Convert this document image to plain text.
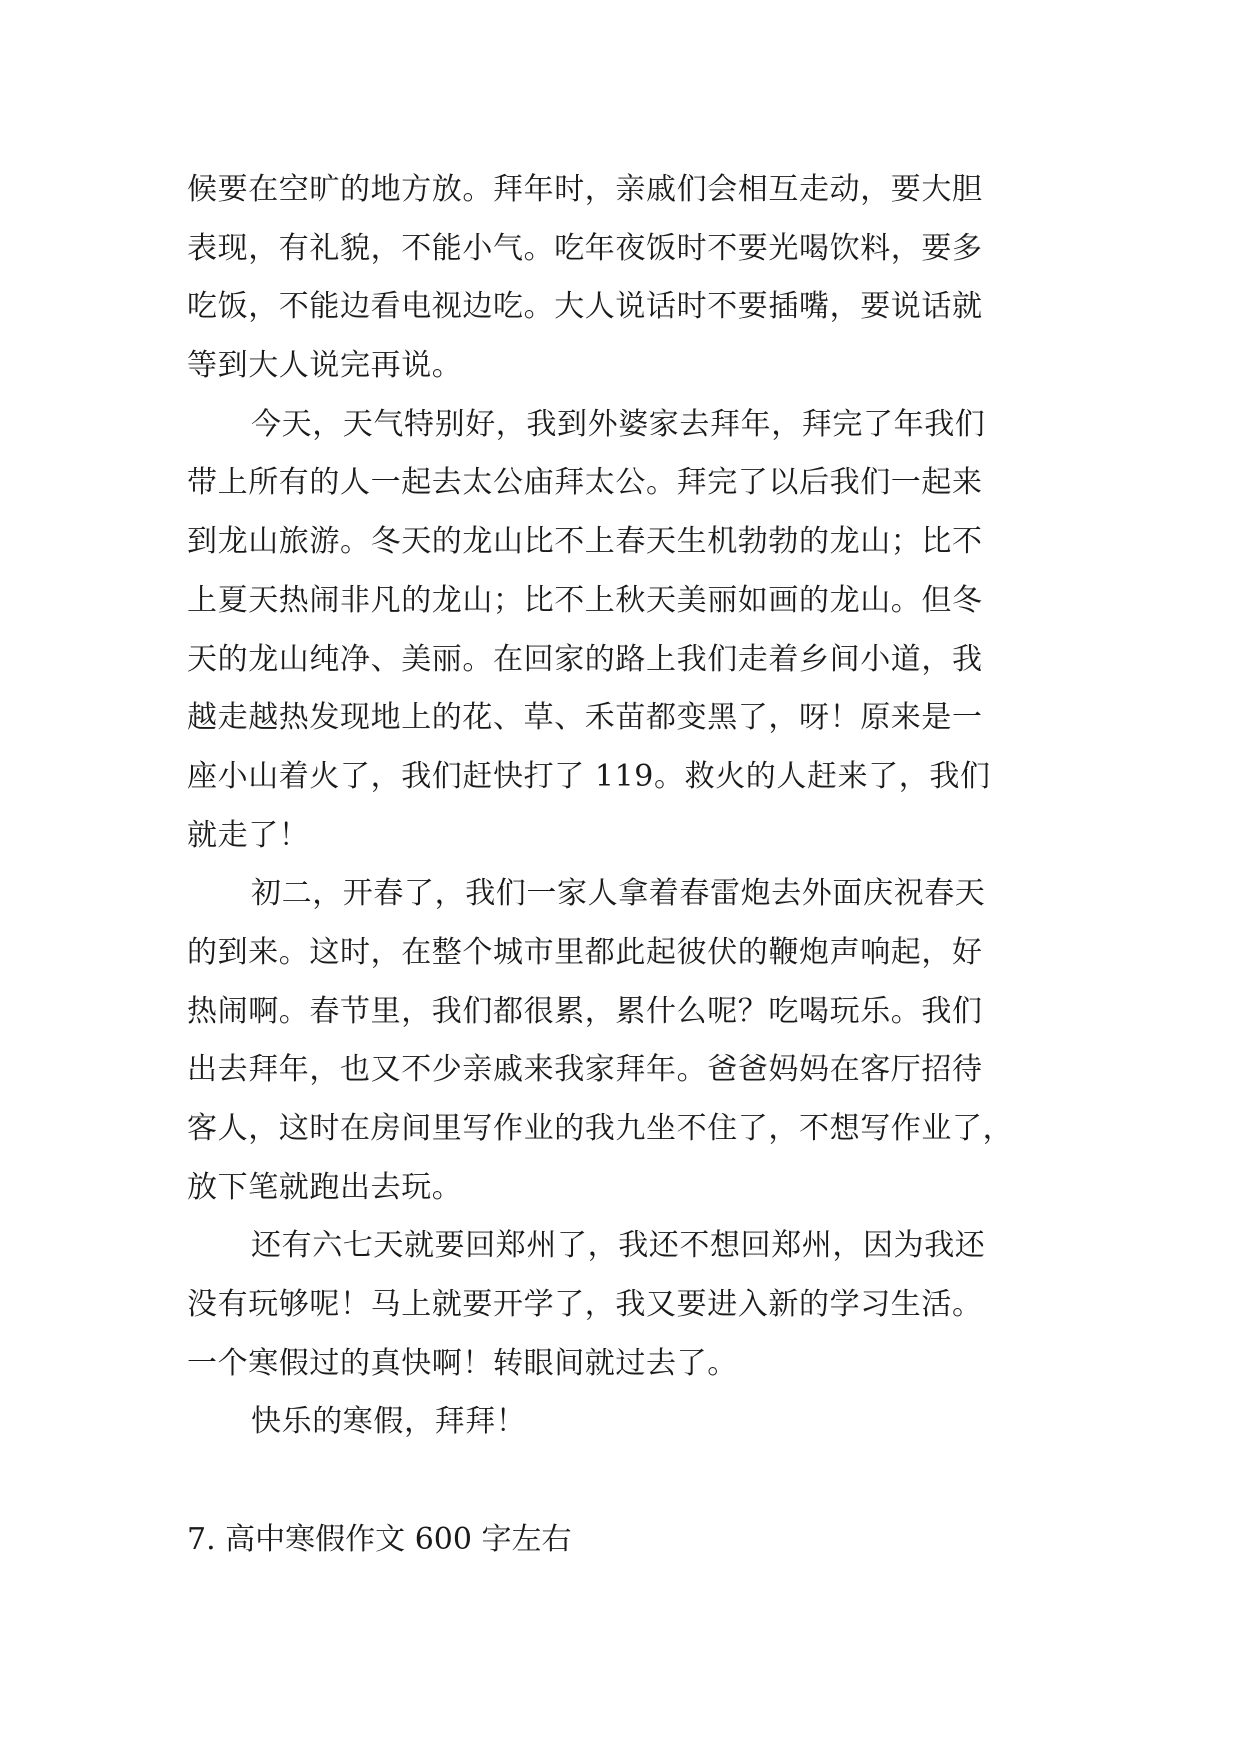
候要在空旷的地方放。拜年时，亲戚们会相互走动，要大胆
表现，有礼貌，不能小气。吃年夜饭时不要光喝饮料，要多
吃饭，不能边看电视边吃。大人说话时不要插嘴，要说话就
等到大人说完再说。
今天，天气特别好，我到外婆家去拜年，拜完了年我们
带上所有的人一起去太公庙拜太公。拜完了以后我们一起来
到龙山旅游。冬天的龙山比不上春天生机勃勃的龙山；比不
上夏天热闹非凡的龙山；比不上秋天美丽如画的龙山。但冬
天的龙山纯净、美丽。在回家的路上我们走着乡间小道，我
越走越热发现地上的花、草、禾苗都变黑了，呀！原来是一
座小山着火了，我们赶快打了 119。救火的人赶来了，我们
就走了！
初二，开春了，我们一家人拿着春雷炮去外面庆祝春天
的到来。这时，在整个城市里都此起彼伏的鞭炮声响起，好
热闹啊。春节里，我们都很累，累什么呢？吃喝玩乐。我们
出去拜年，也又不少亲戚来我家拜年。爸爸妈妈在客厅招待
客人，这时在房间里写作业的我九坐不住了，不想写作业了，
放下笔就跑出去玩。
还有六七天就要回郑州了，我还不想回郑州，因为我还
没有玩够呢！马上就要开学了，我又要进入新的学习生活。
一个寒假过的真快啊！转眼间就过去了。
快乐的寒假，拜拜！
7. 高中寒假作文 600 字左右
